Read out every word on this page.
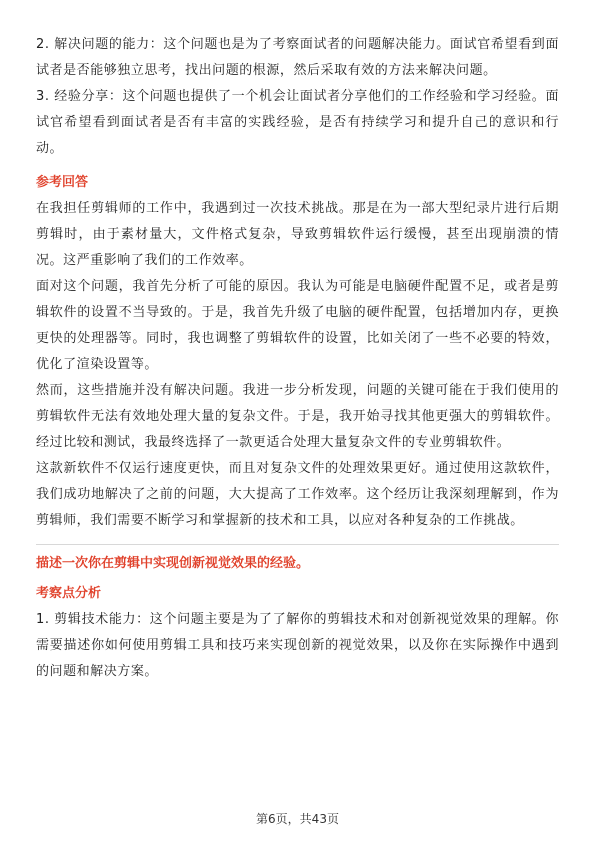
2. 解决问题的能力：这个问题也是为了考察面试者的问题解决能力。面试官希望看到面试者是否能够独立思考，找出问题的根源，然后采取有效的方法来解决问题。

3. 经验分享：这个问题也提供了一个机会让面试者分享他们的工作经验和学习经验。面试官希望看到面试者是否有丰富的实践经验，是否有持续学习和提升自己的意识和行动。

参考回答

在我担任剪辑师的工作中，我遇到过一次技术挑战。那是在为一部大型纪录片进行后期剪辑时，由于素材量大，文件格式复杂，导致剪辑软件运行缓慢，甚至出现崩溃的情况。这严重影响了我们的工作效率。

面对这个问题，我首先分析了可能的原因。我认为可能是电脑硬件配置不足，或者是剪辑软件的设置不当导致的。于是，我首先升级了电脑的硬件配置，包括增加内存，更换更快的处理器等。同时，我也调整了剪辑软件的设置，比如关闭了一些不必要的特效，优化了渲染设置等。

然而，这些措施并没有解决问题。我进一步分析发现，问题的关键可能在于我们使用的剪辑软件无法有效地处理大量的复杂文件。于是，我开始寻找其他更强大的剪辑软件。经过比较和测试，我最终选择了一款更适合处理大量复杂文件的专业剪辑软件。

这款新软件不仅运行速度更快，而且对复杂文件的处理效果更好。通过使用这款软件，我们成功地解决了之前的问题，大大提高了工作效率。这个经历让我深刻理解到，作为剪辑师，我们需要不断学习和掌握新的技术和工具，以应对各种复杂的工作挑战。

描述一次你在剪辑中实现创新视觉效果的经验。
考察点分析

1. 剪辑技术能力：这个问题主要是为了了解你的剪辑技术和对创新视觉效果的理解。你需要描述你如何使用剪辑工具和技巧来实现创新的视觉效果，以及你在实际操作中遇到的问题和解决方案。

第6页，共43页
